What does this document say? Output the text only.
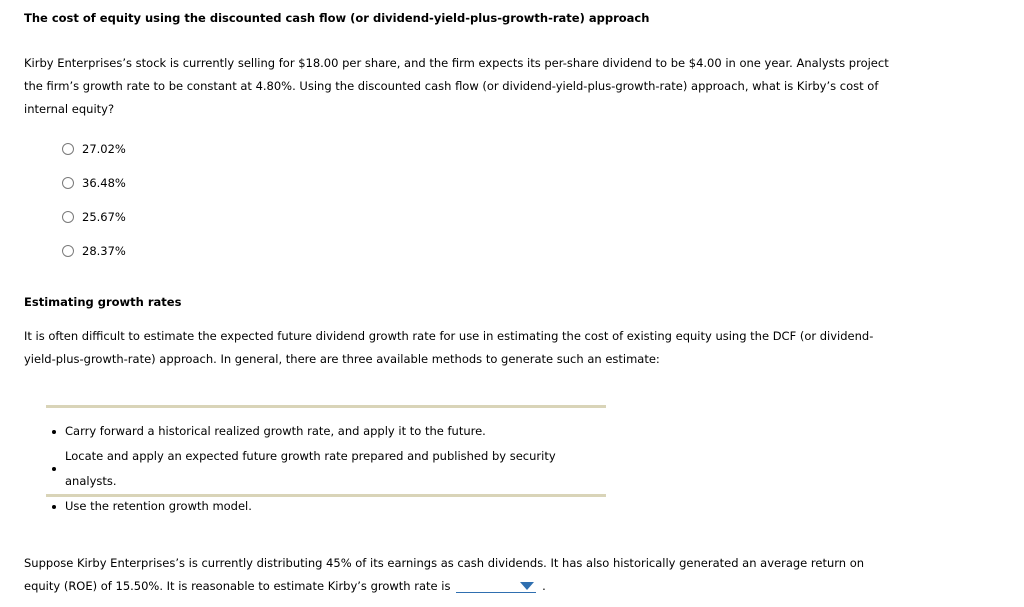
The cost of equity using the discounted cash flow (or dividend-yield-plus-growth-rate) approach
Kirby Enterprises’s stock is currently selling for $18.00 per share, and the firm expects its per-share dividend to be $4.00 in one year. Analysts project
the firm’s growth rate to be constant at 4.80%. Using the discounted cash flow (or dividend-yield-plus-growth-rate) approach, what is Kirby’s cost of
internal equity?
27.02%
36.48%
25.67%
28.37%
Estimating growth rates
It is often difficult to estimate the expected future dividend growth rate for use in estimating the cost of existing equity using the DCF (or dividend-
yield-plus-growth-rate) approach. In general, there are three available methods to generate such an estimate:
Carry forward a historical realized growth rate, and apply it to the future.
Locate and apply an expected future growth rate prepared and published by security analysts.
Use the retention growth model.
Suppose Kirby Enterprises’s is currently distributing 45% of its earnings as cash dividends. It has also historically generated an average return on
equity (ROE) of 15.50%. It is reasonable to estimate Kirby’s growth rate is	.
